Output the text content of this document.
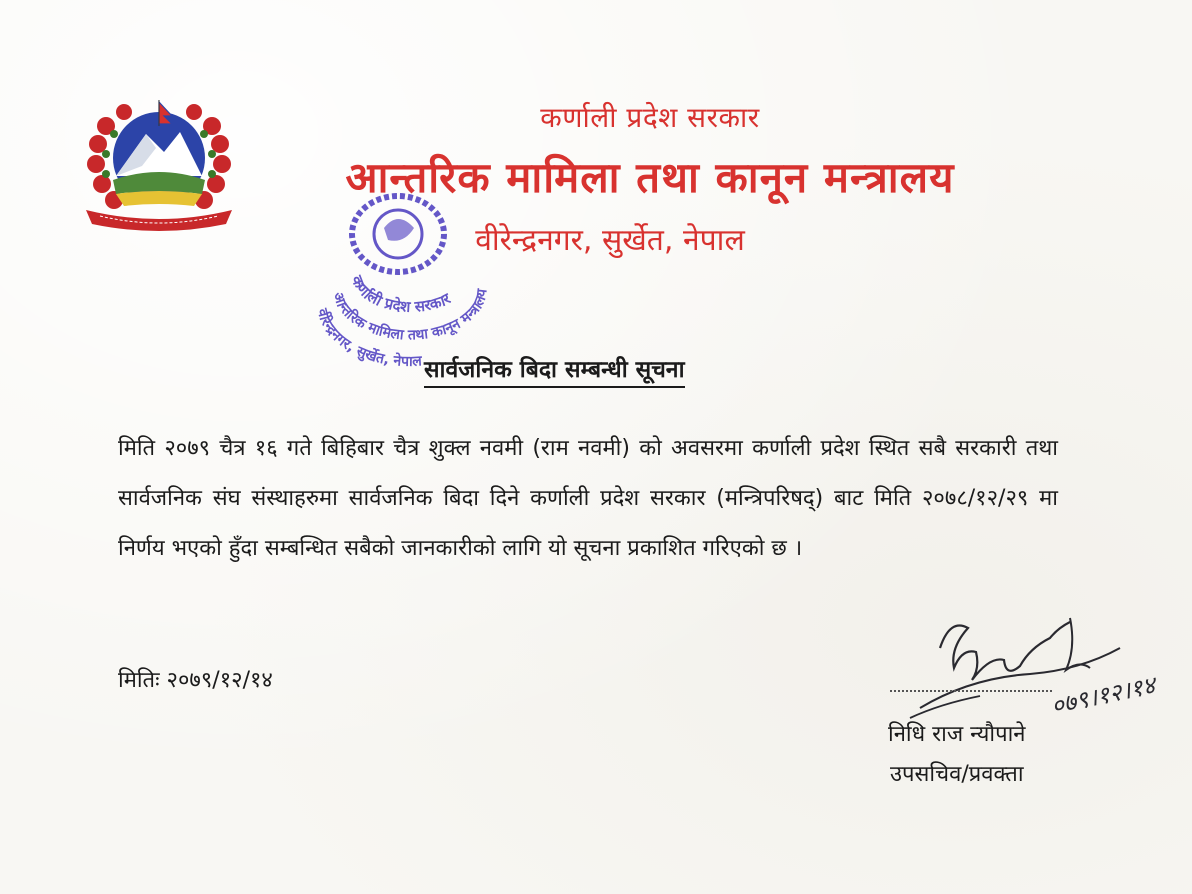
कर्णाली प्रदेश सरकार
आन्तरिक मामिला तथा कानून मन्त्रालय
वीरेन्द्रनगर, सुर्खेत, नेपाल
कर्णाली प्रदेश सरकार
आन्तरिक मामिला तथा कानून मन्त्रालय
वीरेन्द्रनगर, सुर्खेत, नेपाल सार्वजनिक बिदा सम्बन्धी सूचना
मिति २०७९ चैत्र १६ गते बिहिबार चैत्र शुक्ल नवमी (राम नवमी) को अवसरमा कर्णाली प्रदेश स्थित सबै सरकारी तथा सार्वजनिक संघ संस्थाहरुमा सार्वजनिक बिदा दिने कर्णाली प्रदेश सरकार (मन्त्रिपरिषद्) बाट मिति २०७८/१२/२९ मा निर्णय भएको हुँदा सम्बन्धित सबैको जानकारीको लागि यो सूचना प्रकाशित गरिएको छ ।
मितिः २०७९/१२/१४	०७९।१२।१४
निधि राज न्यौपाने
उपसचिव/प्रवक्ता
